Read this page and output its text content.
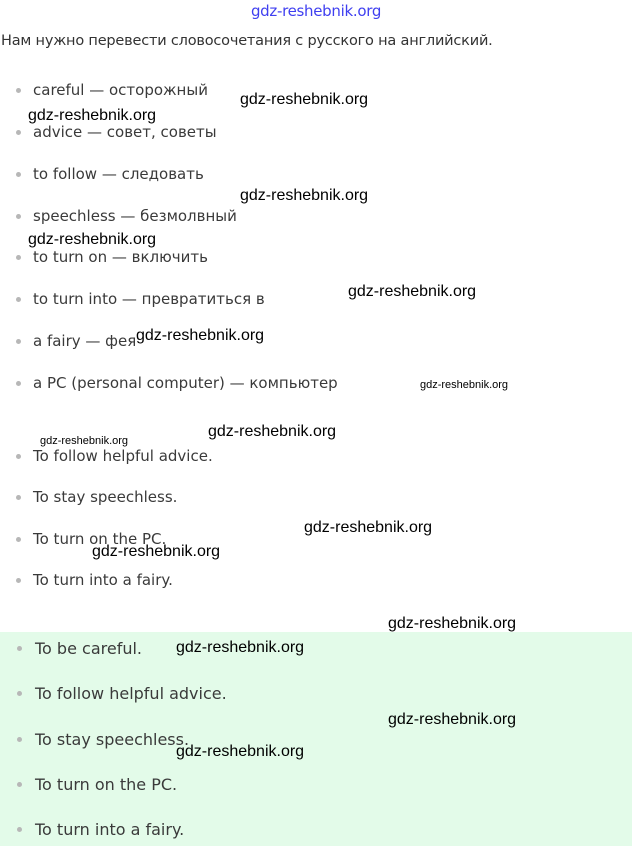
gdz-reshebnik.org
Нам нужно перевести словосочетания с русского на английский.
careful — осторожный
advice — совет, советы
to follow — следовать
speechless — безмолвный
to turn on — включить
to turn into — превратиться в
a fairy — фея
a PC (personal computer) — компьютер
To follow helpful advice.
To stay speechless.
To turn on the PC.
To turn into a fairy.
To be careful.
To follow helpful advice.
To stay speechless.
To turn on the PC.
To turn into a fairy.
gdz-reshebnik.org
gdz-reshebnik.org
gdz-reshebnik.org
gdz-reshebnik.org
gdz-reshebnik.org
gdz-reshebnik.org
gdz-reshebnik.org
gdz-reshebnik.org
gdz-reshebnik.org
gdz-reshebnik.org
gdz-reshebnik.org
gdz-reshebnik.org
gdz-reshebnik.org
gdz-reshebnik.org
gdz-reshebnik.org
